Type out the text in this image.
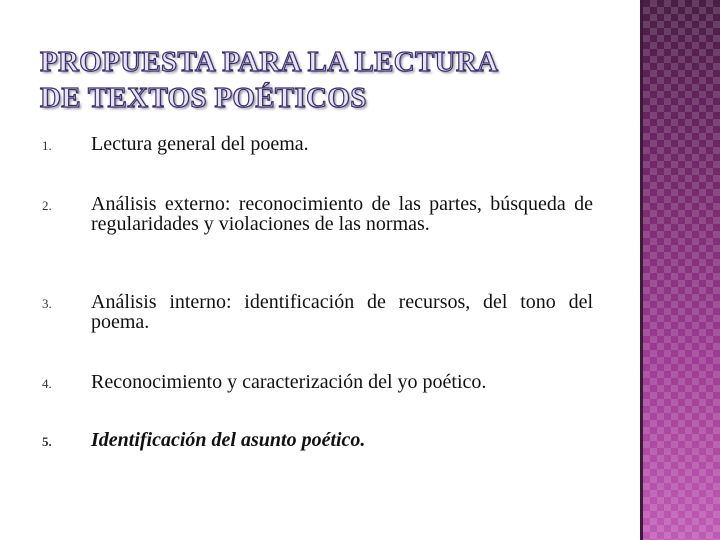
PROPUESTA PARA LA LECTURA
DE TEXTOS POÉTICOS
1. Lectura general del poema.
2. Análisis externo: reconocimiento de las partes, búsqueda de regularidades y violaciones de las normas.
3. Análisis interno: identificación de recursos, del tono del poema.
4. Reconocimiento y caracterización del yo poético.
5. Identificación del asunto poético.
